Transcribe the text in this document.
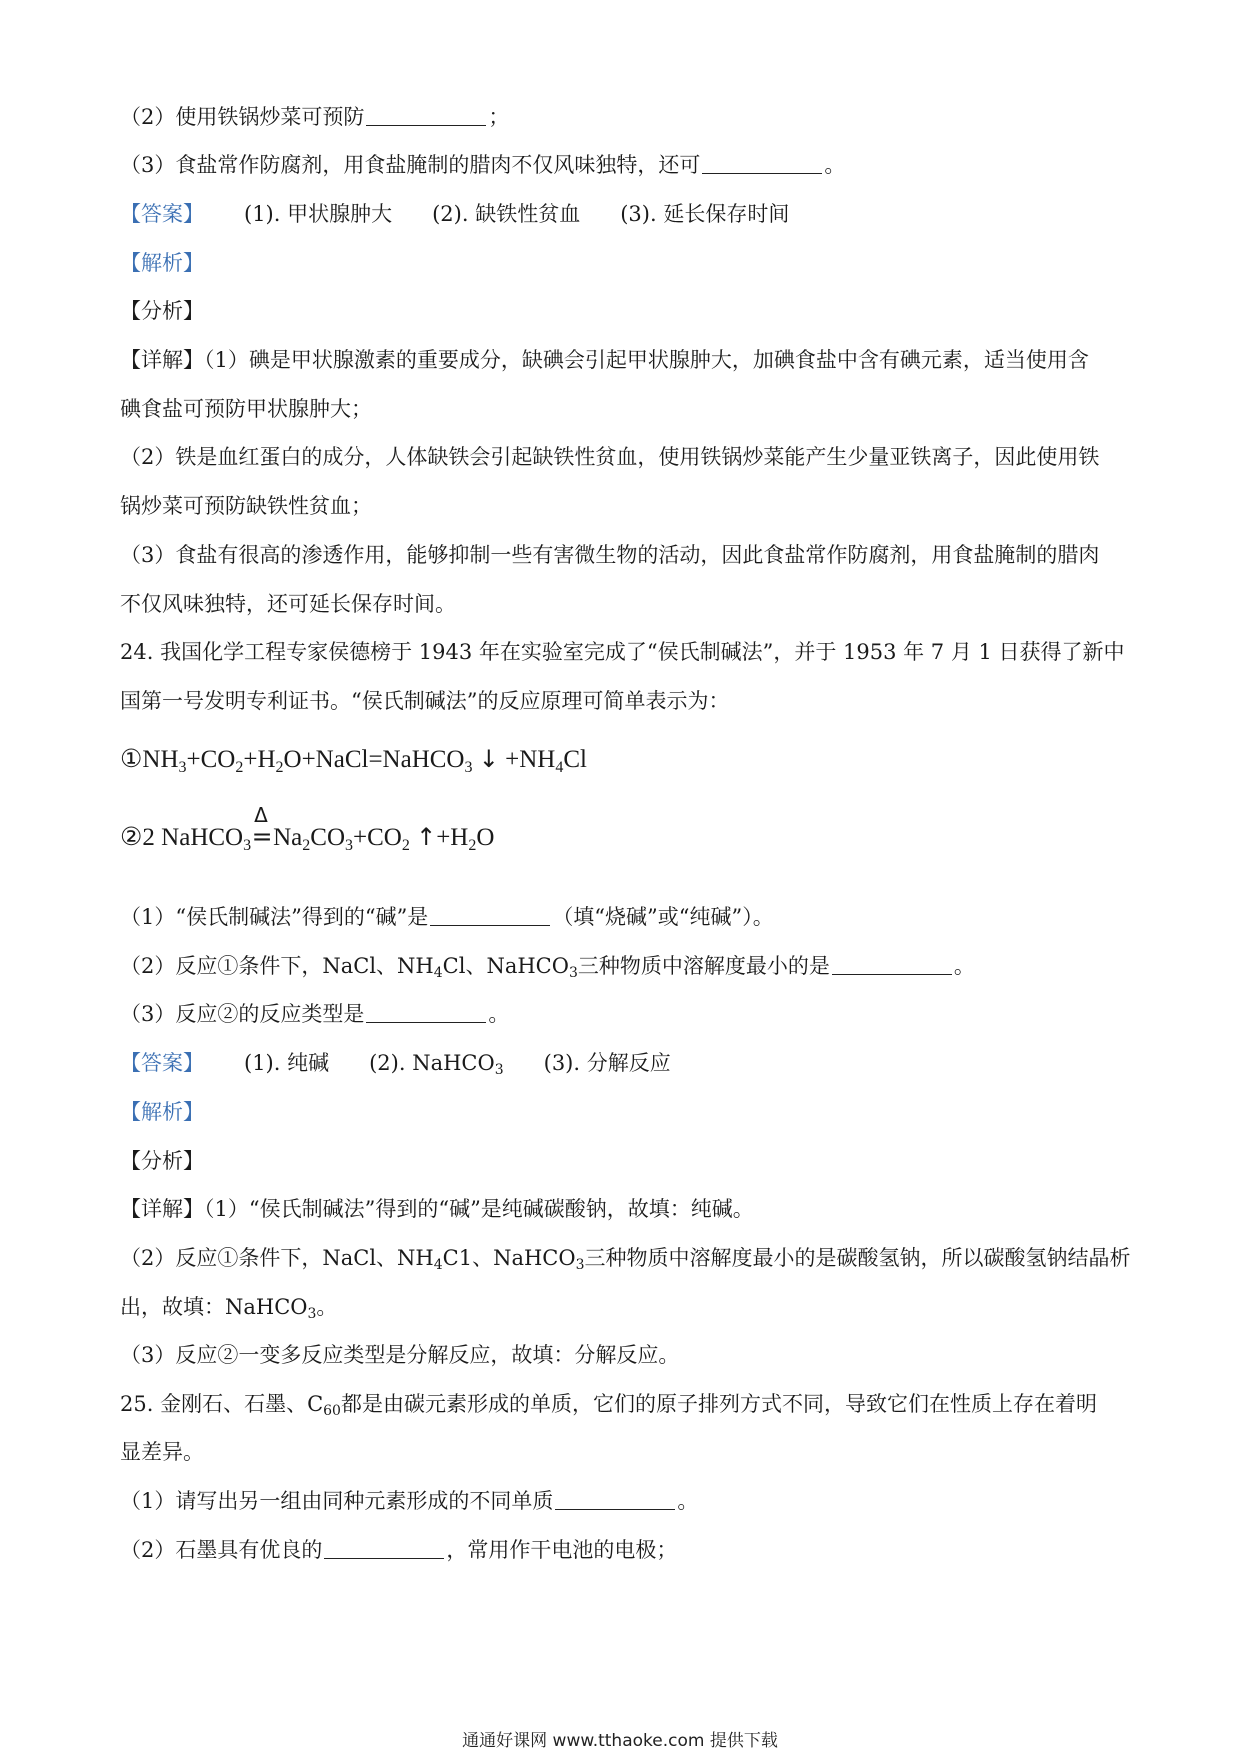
（2）使用铁锅炒菜可预防	；
（3）食盐常作防腐剂，用食盐腌制的腊肉不仅风味独特，还可	。
【答案】 (1). 甲状腺肿大 (2). 缺铁性贫血 (3). 延长保存时间
【解析】
【分析】
【详解】（1）碘是甲状腺激素的重要成分，缺碘会引起甲状腺肿大，加碘食盐中含有碘元素，适当使用含
碘食盐可预防甲状腺肿大；
（2）铁是血红蛋白的成分，人体缺铁会引起缺铁性贫血，使用铁锅炒菜能产生少量亚铁离子，因此使用铁
锅炒菜可预防缺铁性贫血；
（3）食盐有很高的渗透作用，能够抑制一些有害微生物的活动，因此食盐常作防腐剂，用食盐腌制的腊肉
不仅风味独特，还可延长保存时间。
24. 我国化学工程专家侯德榜于 1943 年在实验室完成了“侯氏制碱法”，并于 1953 年 7 月 1 日获得了新中
国第一号发明专利证书。“侯氏制碱法”的反应原理可简单表示为：
$①NH_3+CO_2+H_2O+NaCl=NaHCO_3$ ↓ $+NH_4Cl$
②2 NaHCO$_3$
Δ
$=Na_2CO_3+CO_2$ $↑+H_2O$
（1）“侯氏制碱法”得到的“碱”是	（填“烧碱”或“纯碱”）。
（2）反应①条件下，NaCl、$NH_4Cl$、NaHCO$_3$三种物质中溶解度最小的是	。
（3）反应②的反应类型是	。
【答案】 (1). 纯碱 (2). NaHCO$_3$ (3). 分解反应
【解析】
【分析】
【详解】（1）“侯氏制碱法”得到的“碱”是纯碱碳酸钠，故填：纯碱。
（2）反应①条件下，NaCl、$NH_4C1$、NaHCO$_3$三种物质中溶解度最小的是碳酸氢钠，所以碳酸氢钠结晶析
出，故填：NaHCO$_3$。
（3）反应②一变多反应类型是分解反应，故填：分解反应。
25. 金刚石、石墨、$C_{60}$都是由碳元素形成的单质，它们的原子排列方式不同，导致它们在性质上存在着明
显差异。
（1）请写出另一组由同种元素形成的不同单质	。
（2）石墨具有优良的	，常用作干电池的电极；
通通好课网 www.tthaoke.com 提供下载
